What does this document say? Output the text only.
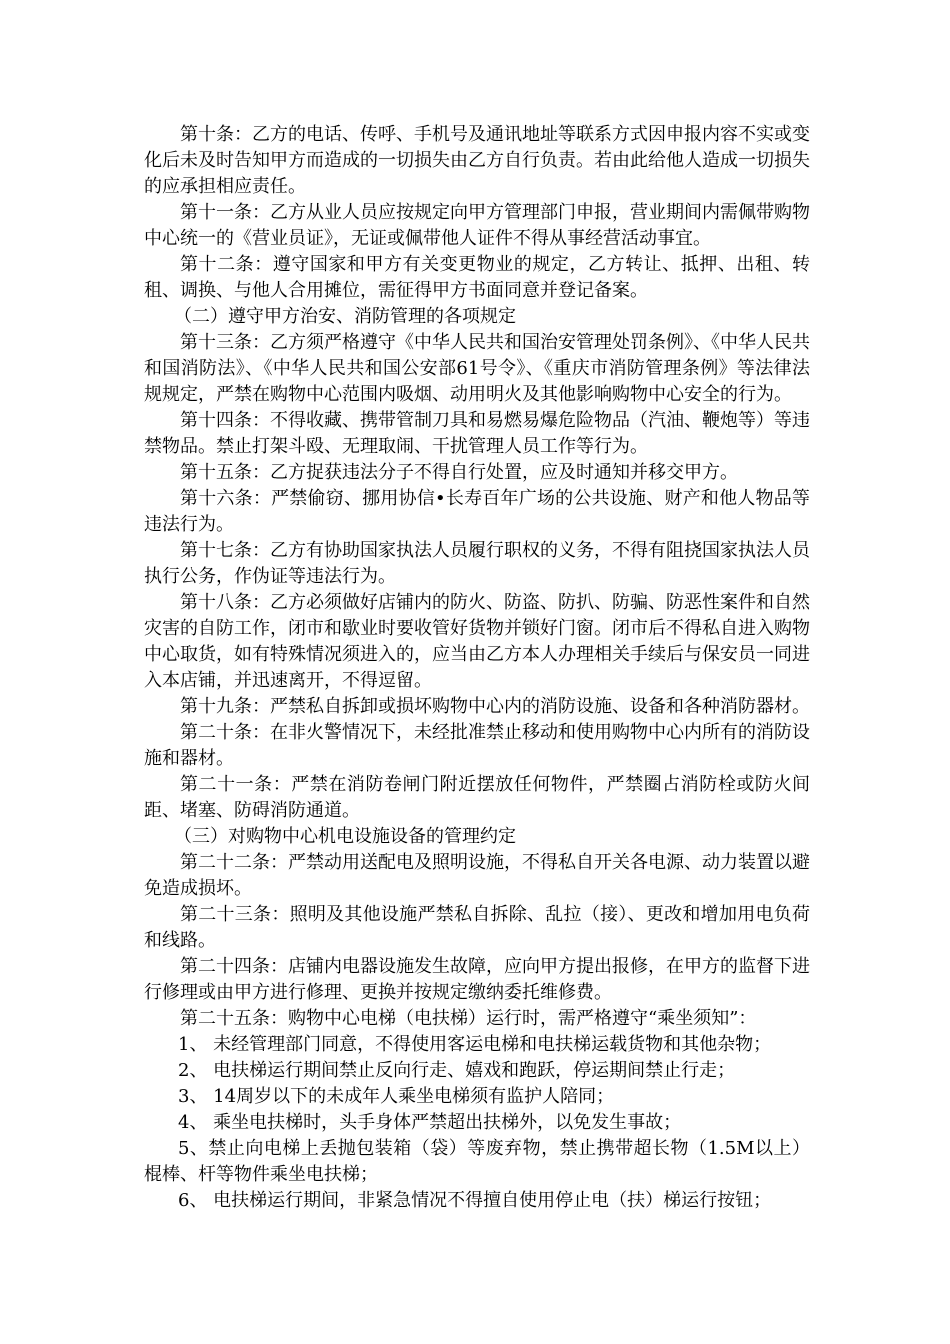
第十条：乙方的电话、传呼、手机号及通讯地址等联系方式因申报内容不实或变化后未及时告知甲方而造成的一切损失由乙方自行负责。若由此给他人造成一切损失的应承担相应责任。

第十一条：乙方从业人员应按规定向甲方管理部门申报，营业期间内需佩带购物中心统一的《营业员证》，无证或佩带他人证件不得从事经营活动事宜。

第十二条：遵守国家和甲方有关变更物业的规定，乙方转让、抵押、出租、转租、调换、与他人合用摊位，需征得甲方书面同意并登记备案。

（二）遵守甲方治安、消防管理的各项规定

第十三条：乙方须严格遵守《中华人民共和国治安管理处罚条例》、《中华人民共和国消防法》、《中华人民共和国公安部61号令》、《重庆市消防管理条例》等法律法规规定，严禁在购物中心范围内吸烟、动用明火及其他影响购物中心安全的行为。

第十四条：不得收藏、携带管制刀具和易燃易爆危险物品（汽油、鞭炮等）等违禁物品。禁止打架斗殴、无理取闹、干扰管理人员工作等行为。

第十五条：乙方捉获违法分子不得自行处置，应及时通知并移交甲方。

第十六条：严禁偷窃、挪用协信•长寿百年广场的公共设施、财产和他人物品等违法行为。

第十七条：乙方有协助国家执法人员履行职权的义务，不得有阻挠国家执法人员执行公务，作伪证等违法行为。

第十八条：乙方必须做好店铺内的防火、防盗、防扒、防骗、防恶性案件和自然灾害的自防工作，闭市和歇业时要收管好货物并锁好门窗。闭市后不得私自进入购物中心取货，如有特殊情况须进入的，应当由乙方本人办理相关手续后与保安员一同进入本店铺，并迅速离开，不得逗留。

第十九条：严禁私自拆卸或损坏购物中心内的消防设施、设备和各种消防器材。

第二十条：在非火警情况下，未经批准禁止移动和使用购物中心内所有的消防设施和器材。

第二十一条：严禁在消防卷闸门附近摆放任何物件，严禁圈占消防栓或防火间距、堵塞、防碍消防通道。

（三）对购物中心机电设施设备的管理约定

第二十二条：严禁动用送配电及照明设施，不得私自开关各电源、动力装置以避免造成损坏。

第二十三条：照明及其他设施严禁私自拆除、乱拉（接）、更改和增加用电负荷和线路。

第二十四条：店铺内电器设施发生故障，应向甲方提出报修，在甲方的监督下进行修理或由甲方进行修理、更换并按规定缴纳委托维修费。

第二十五条：购物中心电梯（电扶梯）运行时，需严格遵守“乘坐须知”：

1、 未经管理部门同意，不得使用客运电梯和电扶梯运载货物和其他杂物；

2、 电扶梯运行期间禁止反向行走、嬉戏和跑跃，停运期间禁止行走；

3、 14周岁以下的未成年人乘坐电梯须有监护人陪同；

4、 乘坐电扶梯时，头手身体严禁超出扶梯外，以免发生事故；

5、禁止向电梯上丢抛包装箱（袋）等废弃物，禁止携带超长物（1.5M以上）棍棒、杆等物件乘坐电扶梯；

6、 电扶梯运行期间，非紧急情况不得擅自使用停止电（扶）梯运行按钮；
